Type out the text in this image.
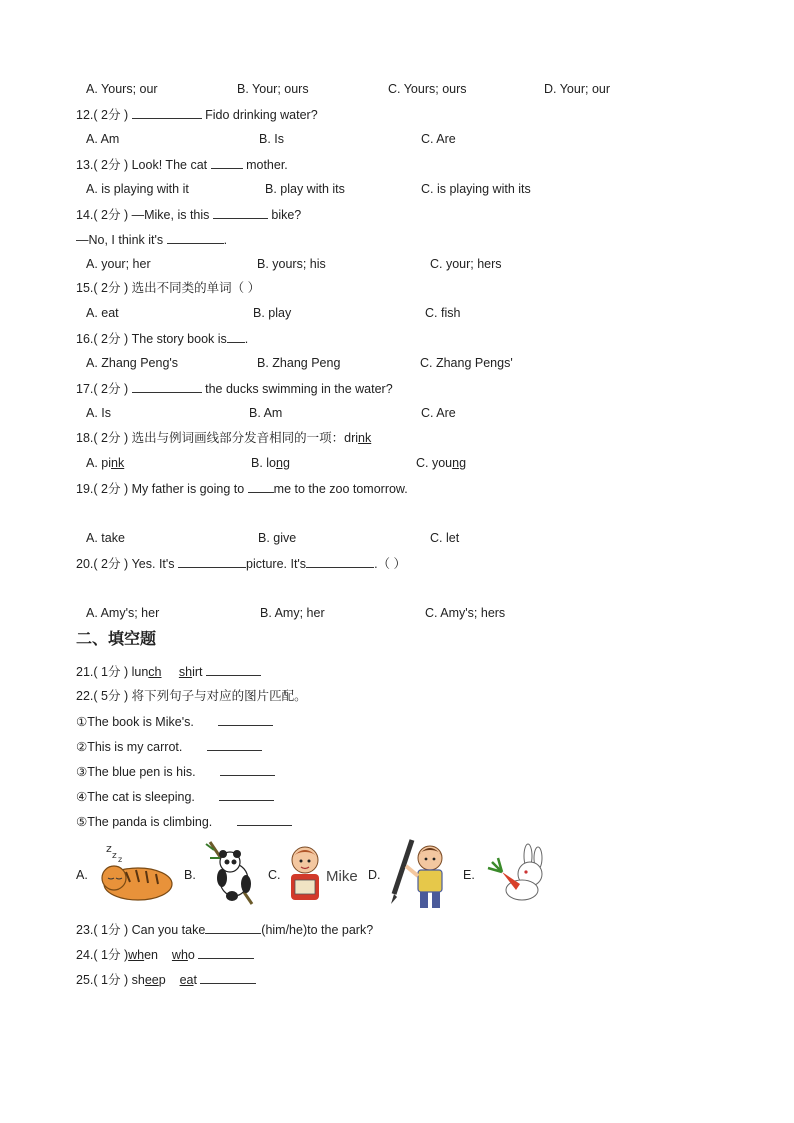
A. Yours; our	B. Your; ours	C. Yours; ours	D. Your; our
12.( 2分 )	Fido drinking water?
A. Am	B. Is	C. Are
13.( 2分 ) Look! The cat	mother.
A. is playing with it	B. play with its	C. is playing with its
14.( 2分 ) —Mike, is this	bike?
—No, I think it's	.
A. your; her	B. yours; his	C. your; hers
15.( 2分 ) 选出不同类的单词（ ）
A. eat	B. play	C. fish
16.( 2分 ) The story book is .
A. Zhang Peng's	B. Zhang Peng	C. Zhang Pengs'
17.( 2分 )	the ducks swimming in the water?
A. Is	B. Am	C. Are
18.( 2分 ) 选出与例词画线部分发音相同的一项：drink
A. pink	B. long	C. young
19.( 2分 ) My father is going to me to the zoo tomorrow.
A. take	B. give	C. let
20.( 2分 ) Yes. It's	picture. It's	.（ ）
A. Amy's; her	B. Amy; her	C. Amy's; hers
二、填空题
21.( 1分 ) lunch shirt
22.( 5分 ) 将下列句子与对应的图片匹配。
①The book is Mike's.
②This is my carrot.
③The blue pen is his.
④The cat is sleeping.
⑤The panda is climbing.
A.
z
z z
B.	C.	Mike D.	E.
23.( 1分 ) Can you take	(him/he)to the park?
24.( 1分 )when who
25.( 1分 ) sheep eat
